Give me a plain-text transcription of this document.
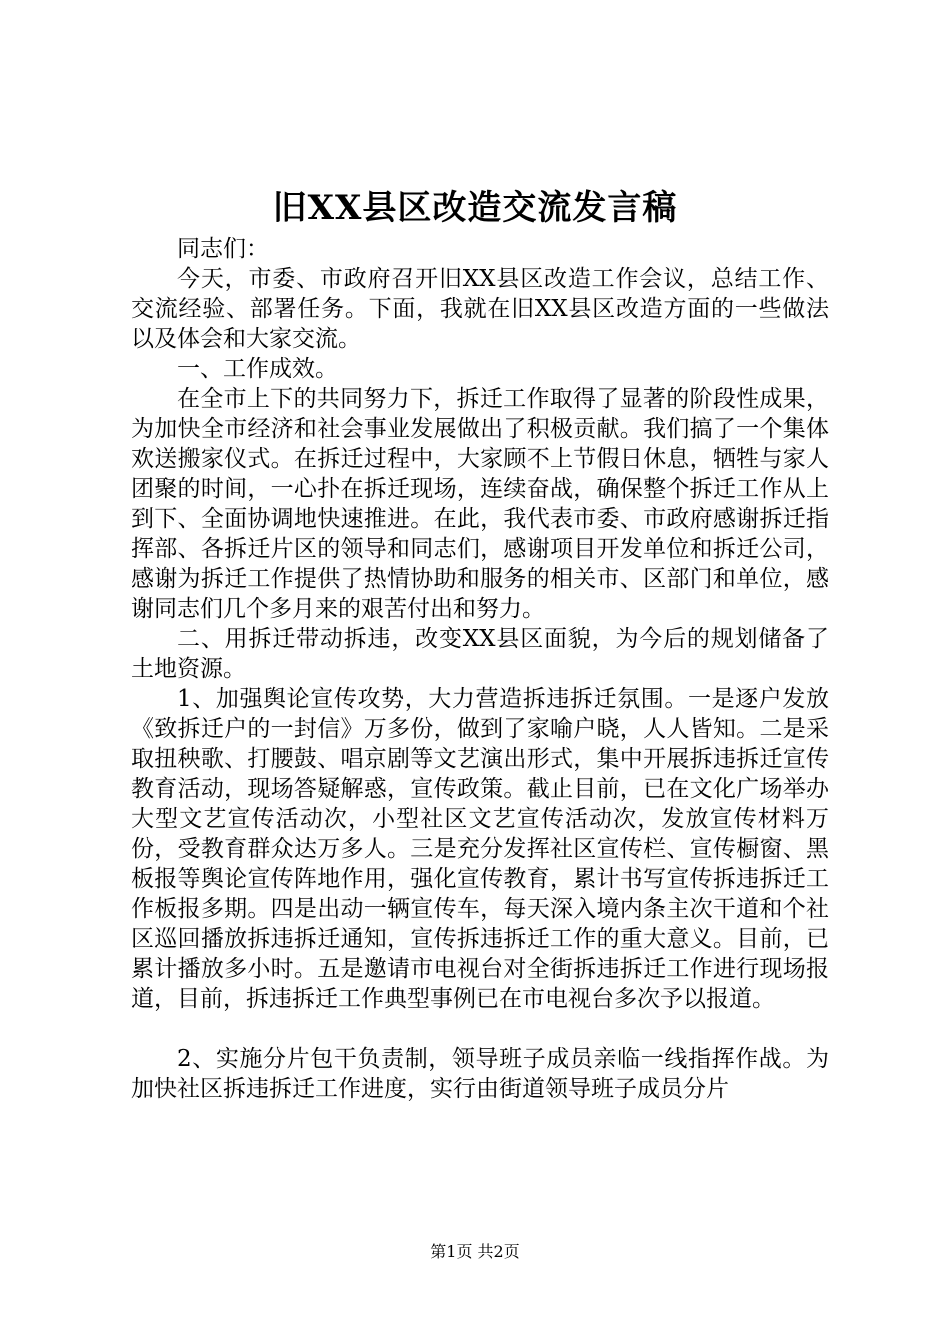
旧XX县区改造交流发言稿

同志们：

今天，市委、市政府召开旧XX县区改造工作会议，总结工作、交流经验、部署任务。下面，我就在旧XX县区改造方面的一些做法以及体会和大家交流。

一、工作成效。

在全市上下的共同努力下，拆迁工作取得了显著的阶段性成果，为加快全市经济和社会事业发展做出了积极贡献。我们搞了一个集体欢送搬家仪式。在拆迁过程中，大家顾不上节假日休息，牺牲与家人团聚的时间，一心扑在拆迁现场，连续奋战，确保整个拆迁工作从上到下、全面协调地快速推进。在此，我代表市委、市政府感谢拆迁指挥部、各拆迁片区的领导和同志们，感谢项目开发单位和拆迁公司，感谢为拆迁工作提供了热情协助和服务的相关市、区部门和单位，感谢同志们几个多月来的艰苦付出和努力。

二、用拆迁带动拆违，改变XX县区面貌，为今后的规划储备了土地资源。

1、加强舆论宣传攻势，大力营造拆违拆迁氛围。一是逐户发放《致拆迁户的一封信》万多份，做到了家喻户晓，人人皆知。二是采取扭秧歌、打腰鼓、唱京剧等文艺演出形式，集中开展拆违拆迁宣传教育活动，现场答疑解惑，宣传政策。截止目前，已在文化广场举办大型文艺宣传活动次，小型社区文艺宣传活动次，发放宣传材料万份，受教育群众达万多人。三是充分发挥社区宣传栏、宣传橱窗、黑板报等舆论宣传阵地作用，强化宣传教育，累计书写宣传拆违拆迁工作板报多期。四是出动一辆宣传车，每天深入境内条主次干道和个社区巡回播放拆违拆迁通知，宣传拆违拆迁工作的重大意义。目前，已累计播放多小时。五是邀请市电视台对全街拆违拆迁工作进行现场报道，目前，拆违拆迁工作典型事例已在市电视台多次予以报道。

2、实施分片包干负责制，领导班子成员亲临一线指挥作战。为加快社区拆违拆迁工作进度，实行由街道领导班子成员分片

第1页 共2页
